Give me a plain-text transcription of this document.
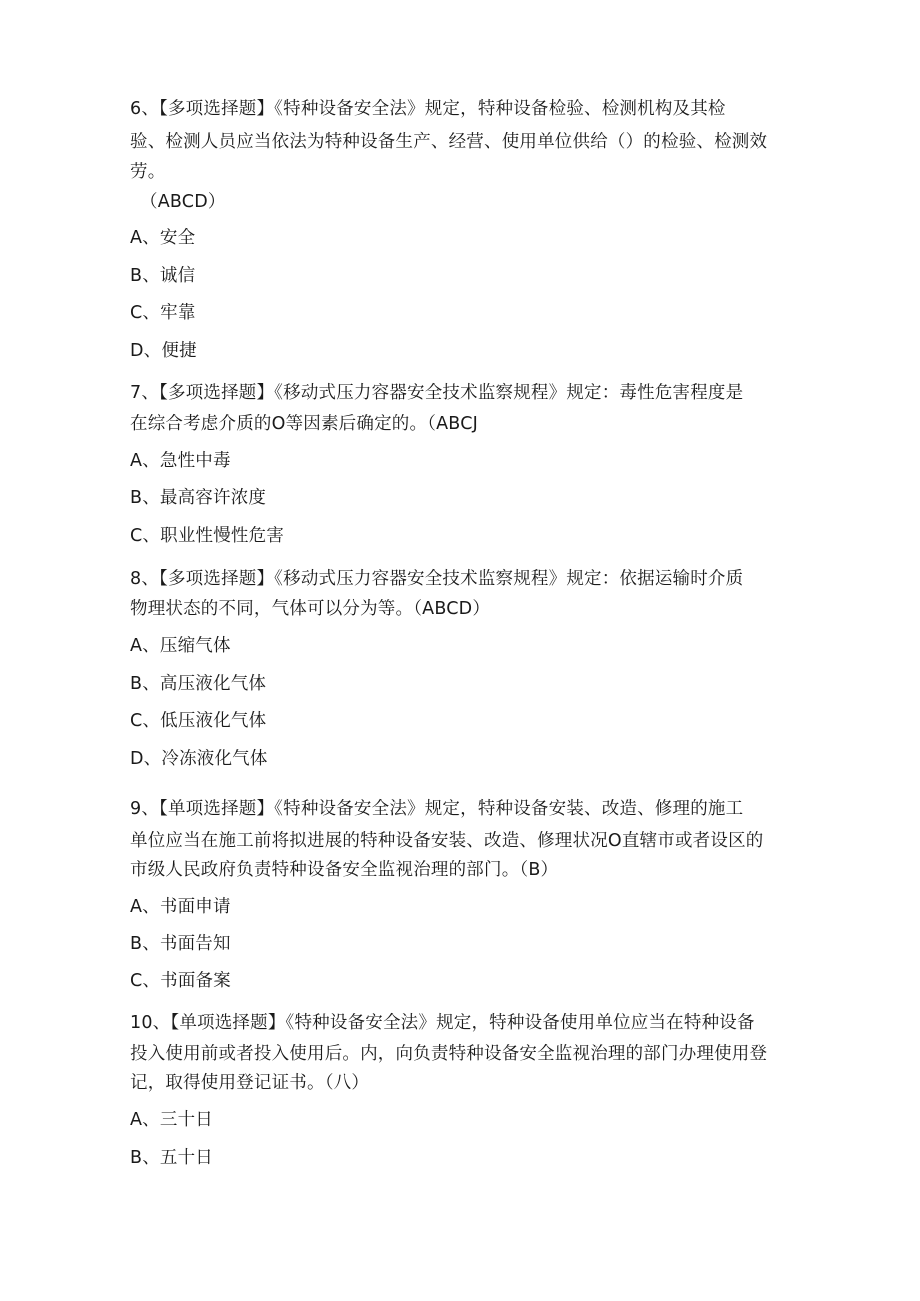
6、【多项选择题】《特种设备安全法》规定，特种设备检验、检测机构及其检
验、检测人员应当依法为特种设备生产、经营、使用单位供给（）的检验、检测效
劳。
（ABCD）
A、安全
B、诚信
C、牢靠
D、便捷
7、【多项选择题】《移动式压力容器安全技术监察规程》规定：毒性危害程度是
在综合考虑介质的O等因素后确定的。（ABCJ
A、急性中毒
B、最高容许浓度
C、职业性慢性危害
8、【多项选择题】《移动式压力容器安全技术监察规程》规定：依据运输时介质
物理状态的不同，气体可以分为等。（ABCD）
A、压缩气体
B、高压液化气体
C、低压液化气体
D、冷冻液化气体
9、【单项选择题】《特种设备安全法》规定，特种设备安装、改造、修理的施工
单位应当在施工前将拟进展的特种设备安装、改造、修理状况O直辖市或者设区的
市级人民政府负责特种设备安全监视治理的部门。（B）
A、书面申请
B、书面告知
C、书面备案
10、【单项选择题】《特种设备安全法》规定，特种设备使用单位应当在特种设备
投入使用前或者投入使用后。内，向负责特种设备安全监视治理的部门办理使用登
记，取得使用登记证书。（八）
A、三十日
B、五十日
